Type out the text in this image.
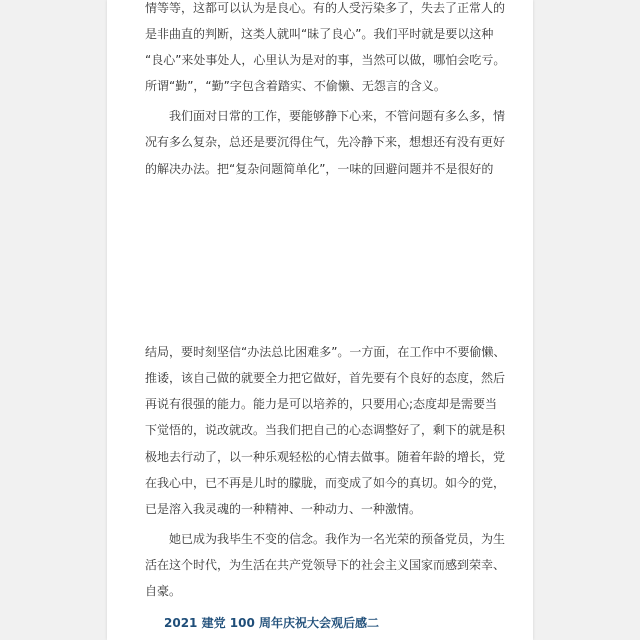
情等等，这都可以认为是良心。有的人受污染多了，失去了正常人的
是非曲直的判断，这类人就叫“昧了良心”。我们平时就是要以这种
“良心”来处事处人，心里认为是对的事，当然可以做，哪怕会吃亏。
所谓“勤”，“勤”字包含着踏实、不偷懒、无怨言的含义。
　　我们面对日常的工作，要能够静下心来，不管问题有多么多，情
况有多么复杂，总还是要沉得住气，先冷静下来，想想还有没有更好
的解决办法。把“复杂问题简单化”，一味的回避问题并不是很好的
结局，要时刻坚信“办法总比困难多”。一方面，在工作中不要偷懒、
推诿，该自己做的就要全力把它做好，首先要有个良好的态度，然后
再说有很强的能力。能力是可以培养的，只要用心;态度却是需要当
下觉悟的，说改就改。当我们把自己的心态调整好了，剩下的就是积
极地去行动了，以一种乐观轻松的心情去做事。随着年龄的增长，党
在我心中，已不再是儿时的朦胧，而变成了如今的真切。如今的党，
已是溶入我灵魂的一种精神、一种动力、一种激情。
　　她已成为我毕生不变的信念。我作为一名光荣的预备党员，为生
活在这个时代，为生活在共产党领导下的社会主义国家而感到荣幸、
自豪。
2021 建党 100 周年庆祝大会观后感二
